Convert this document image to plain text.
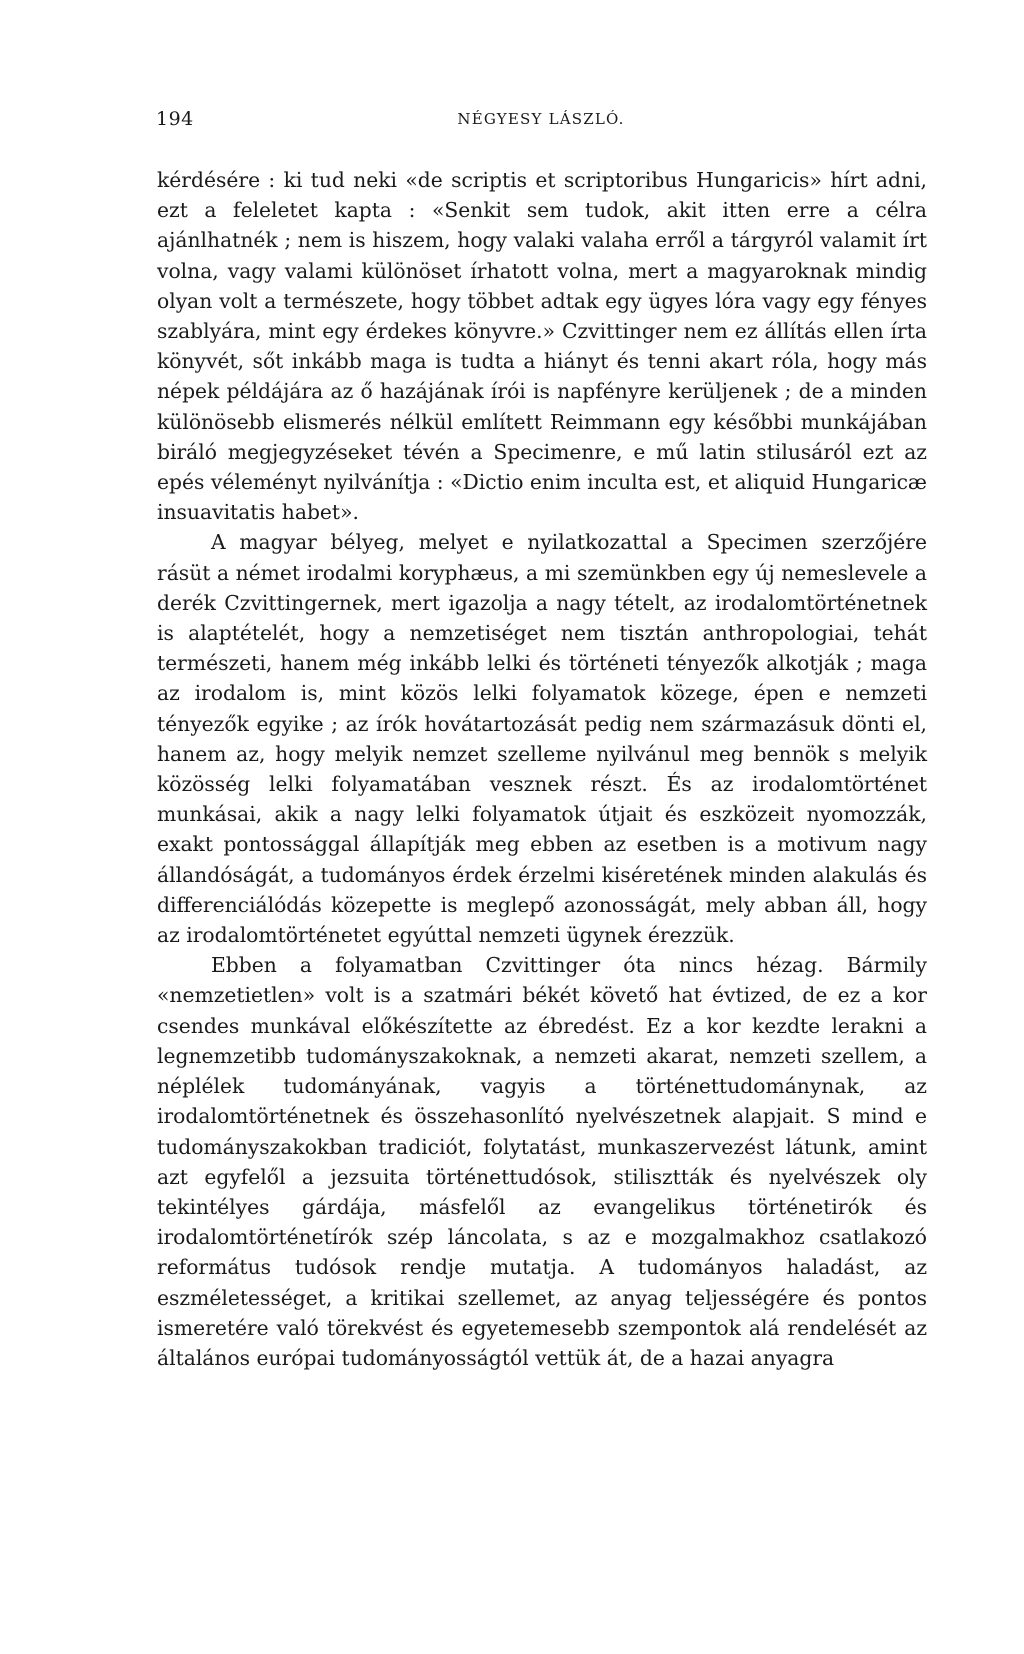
194	NÉGYESY LÁSZLÓ.

kérdésére : ki tud neki «de scriptis et scriptoribus Hungaricis» hírt adni, ezt a feleletet kapta : «Senkit sem tudok, akit itten erre a célra ajánlhatnék ; nem is hiszem, hogy valaki valaha erről a tárgyról valamit írt volna, vagy valami különöset írhatott volna, mert a magyaroknak mindig olyan volt a természete, hogy többet adtak egy ügyes lóra vagy egy fényes szablyára, mint egy érdekes könyvre.» Czvittinger nem ez állítás ellen írta könyvét, sőt inkább maga is tudta a hiányt és tenni akart róla, hogy más népek példájára az ő hazájának írói is napfényre kerüljenek ; de a minden különösebb elismerés nélkül említett Reimmann egy későbbi munkájában biráló megjegyzéseket tévén a Specimenre, e mű latin stilusáról ezt az epés véleményt nyilvánítja : «Dictio enim inculta est, et aliquid Hungaricæ insuavitatis habet».

A magyar bélyeg, melyet e nyilatkozattal a Specimen szerzőjére rásüt a német irodalmi koryphæus, a mi szemünkben egy új nemeslevele a derék Czvittingernek, mert igazolja a nagy tételt, az irodalomtörténetnek is alaptételét, hogy a nemzetiséget nem tisztán anthropologiai, tehát természeti, hanem még inkább lelki és történeti tényezők alkotják ; maga az irodalom is, mint közös lelki folyamatok közege, épen e nemzeti tényezők egyike ; az írók hovátartozását pedig nem származásuk dönti el, hanem az, hogy melyik nemzet szelleme nyilvánul meg bennök s melyik közösség lelki folyamatában vesznek részt. És az irodalomtörténet munkásai, akik a nagy lelki folyamatok útjait és eszközeit nyomozzák, exakt pontossággal állapítják meg ebben az esetben is a motivum nagy állandóságát, a tudományos érdek érzelmi kiséretének minden alakulás és differenciálódás közepette is meglepő azonosságát, mely abban áll, hogy az irodalomtörténetet egyúttal nemzeti ügynek érezzük.

Ebben a folyamatban Czvittinger óta nincs hézag. Bármily «nemzetietlen» volt is a szatmári békét követő hat évtized, de ez a kor csendes munkával előkészítette az ébredést. Ez a kor kezdte lerakni a legnemzetibb tudományszakoknak, a nemzeti akarat, nemzeti szellem, a néplélek tudományának, vagyis a történettudománynak, az irodalomtörténetnek és összehasonlító nyelvészetnek alapjait. S mind e tudományszakokban tradiciót, folytatást, munkaszervezést látunk, amint azt egyfelől a jezsuita történettudósok, stilisztták és nyelvészek oly tekintélyes gárdája, másfelől az evangelikus történetirók és irodalomtörténetírók szép láncolata, s az e mozgalmakhoz csatlakozó református tudósok rendje mutatja. A tudományos haladást, az eszméletességet, a kritikai szellemet, az anyag teljességére és pontos ismeretére való törekvést és egyetemesebb szempontok alá rendelését az általános európai tudományosságtól vettük át, de a hazai anyagra
